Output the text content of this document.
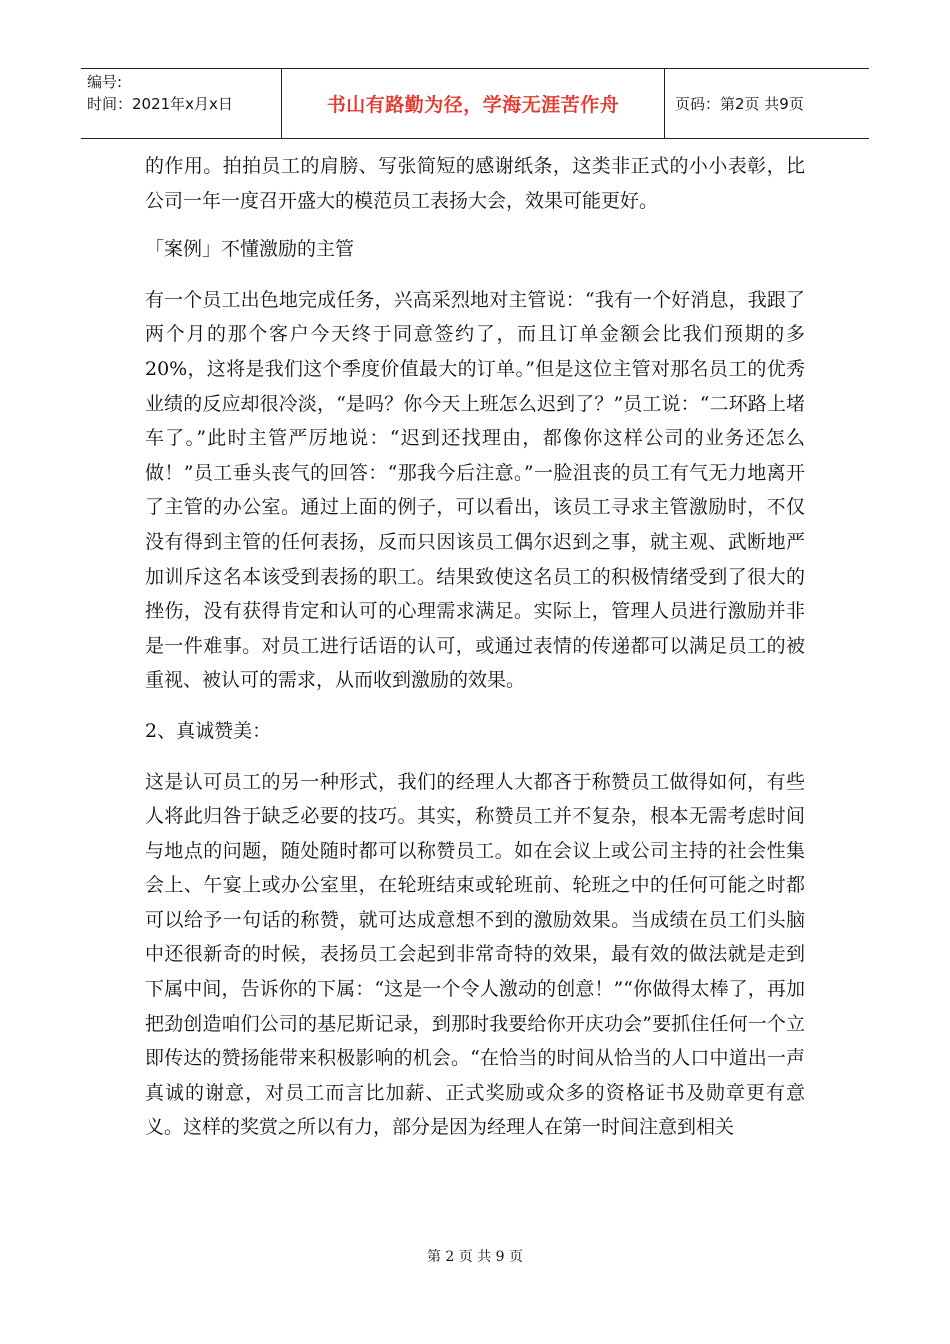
编号:
时间：2021年x月x日	书山有路勤为径，学海无涯苦作舟	页码：第2页 共9页

的作用。拍拍员工的肩膀、写张简短的感谢纸条，这类非正式的小小表彰，比公司一年一度召开盛大的模范员工表扬大会，效果可能更好。

「案例」不懂激励的主管

有一个员工出色地完成任务，兴高采烈地对主管说：“我有一个好消息，我跟了两个月的那个客户今天终于同意签约了，而且订单金额会比我们预期的多20%，这将是我们这个季度价值最大的订单。”但是这位主管对那名员工的优秀业绩的反应却很冷淡，“是吗？你今天上班怎么迟到了？”员工说：“二环路上堵车了。”此时主管严厉地说：“迟到还找理由，都像你这样公司的业务还怎么做！”员工垂头丧气的回答：“那我今后注意。”一脸沮丧的员工有气无力地离开了主管的办公室。通过上面的例子，可以看出，该员工寻求主管激励时，不仅没有得到主管的任何表扬，反而只因该员工偶尔迟到之事，就主观、武断地严加训斥这名本该受到表扬的职工。结果致使这名员工的积极情绪受到了很大的挫伤，没有获得肯定和认可的心理需求满足。实际上，管理人员进行激励并非是一件难事。对员工进行话语的认可，或通过表情的传递都可以满足员工的被重视、被认可的需求，从而收到激励的效果。

2、真诚赞美：

这是认可员工的另一种形式，我们的经理人大都吝于称赞员工做得如何，有些人将此归咎于缺乏必要的技巧。其实，称赞员工并不复杂，根本无需考虑时间与地点的问题，随处随时都可以称赞员工。如在会议上或公司主持的社会性集会上、午宴上或办公室里，在轮班结束或轮班前、轮班之中的任何可能之时都可以给予一句话的称赞，就可达成意想不到的激励效果。当成绩在员工们头脑中还很新奇的时候，表扬员工会起到非常奇特的效果，最有效的做法就是走到下属中间，告诉你的下属：“这是一个令人激动的创意！”“你做得太棒了，再加把劲创造咱们公司的基尼斯记录，到那时我要给你开庆功会”要抓住任何一个立即传达的赞扬能带来积极影响的机会。“在恰当的时间从恰当的人口中道出一声真诚的谢意，对员工而言比加薪、正式奖励或众多的资格证书及勋章更有意义。这样的奖赏之所以有力，部分是因为经理人在第一时间注意到相关

第 2 页 共 9 页
